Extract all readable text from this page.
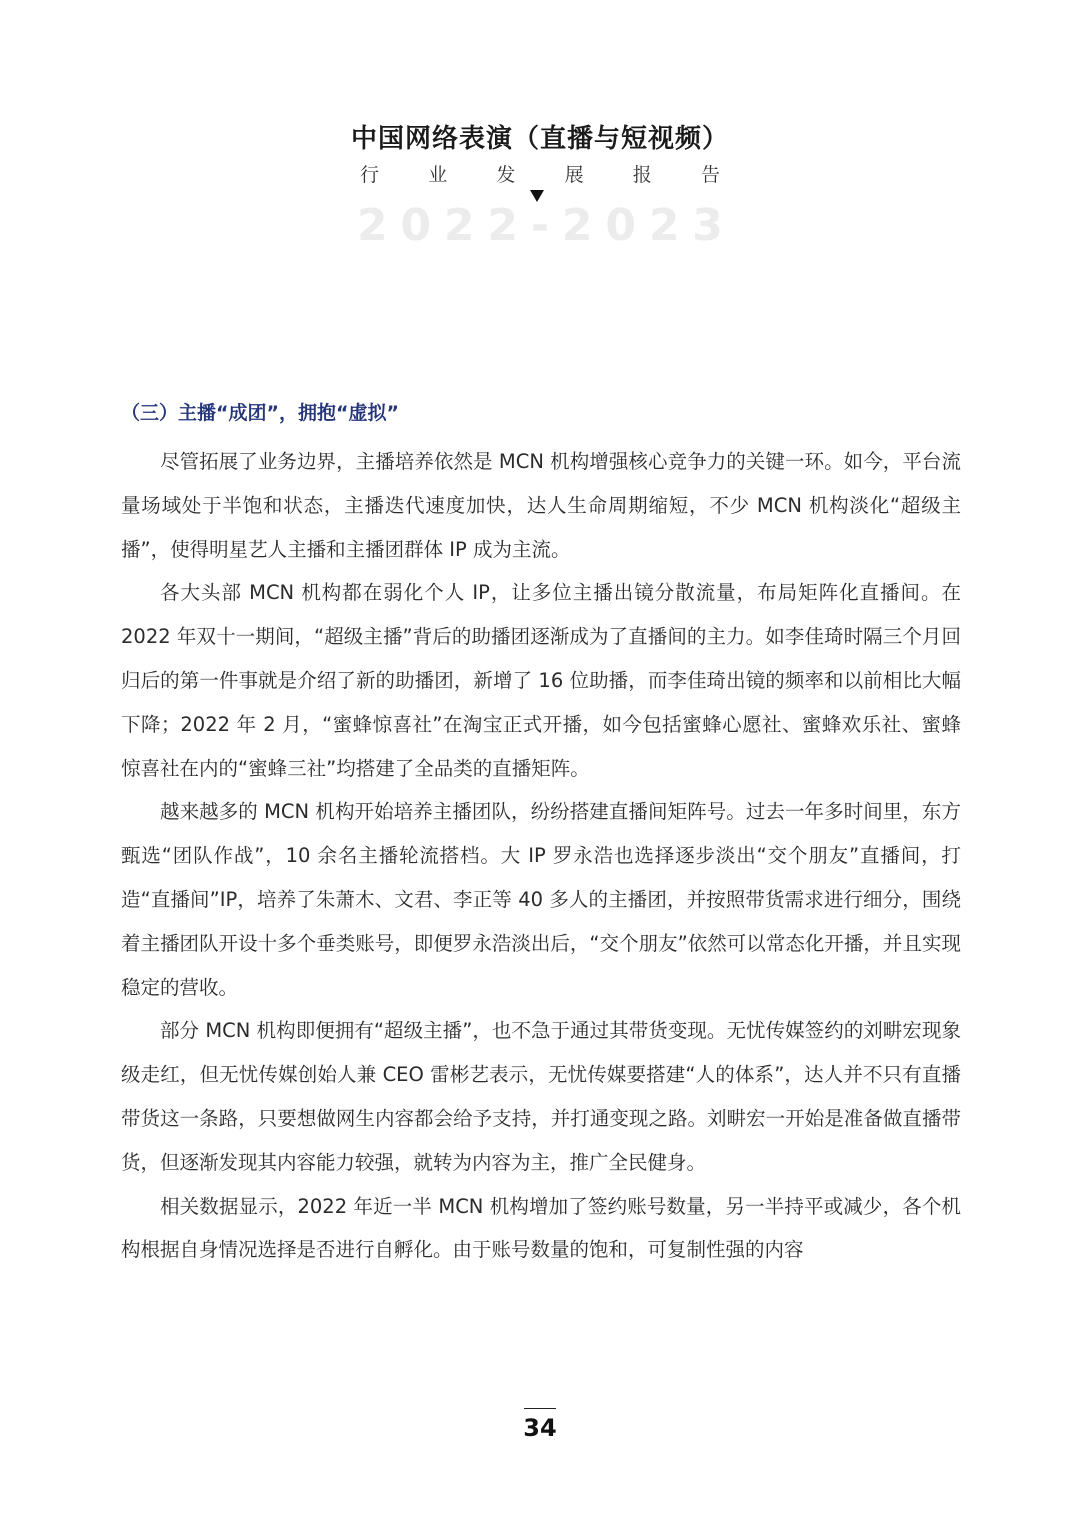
中国网络表演（直播与短视频）
行	业	发	展	报	告
2 0 2 2 - 2 0 2 3
（三）主播“成团”，拥抱“虚拟”

尽管拓展了业务边界，主播培养依然是 MCN 机构增强核心竞争力的关键一环。如今，平台流量场域处于半饱和状态，主播迭代速度加快，达人生命周期缩短，不少 MCN 机构淡化“超级主播”，使得明星艺人主播和主播团群体 IP 成为主流。

各大头部 MCN 机构都在弱化个人 IP，让多位主播出镜分散流量，布局矩阵化直播间。在 2022 年双十一期间，“超级主播”背后的助播团逐渐成为了直播间的主力。如李佳琦时隔三个月回归后的第一件事就是介绍了新的助播团，新增了 16 位助播，而李佳琦出镜的频率和以前相比大幅下降；2022 年 2 月，“蜜蜂惊喜社”在淘宝正式开播，如今包括蜜蜂心愿社、蜜蜂欢乐社、蜜蜂惊喜社在内的“蜜蜂三社”均搭建了全品类的直播矩阵。

越来越多的 MCN 机构开始培养主播团队，纷纷搭建直播间矩阵号。过去一年多时间里，东方甄选“团队作战”，10 余名主播轮流搭档。大 IP 罗永浩也选择逐步淡出“交个朋友”直播间，打造“直播间”IP，培养了朱萧木、文君、李正等 40 多人的主播团，并按照带货需求进行细分，围绕着主播团队开设十多个垂类账号，即便罗永浩淡出后，“交个朋友”依然可以常态化开播，并且实现稳定的营收。

部分 MCN 机构即便拥有“超级主播”，也不急于通过其带货变现。无忧传媒签约的刘畊宏现象级走红，但无忧传媒创始人兼 CEO 雷彬艺表示，无忧传媒要搭建“人的体系”，达人并不只有直播带货这一条路，只要想做网生内容都会给予支持，并打通变现之路。刘畊宏一开始是准备做直播带货，但逐渐发现其内容能力较强，就转为内容为主，推广全民健身。

相关数据显示，2022 年近一半 MCN 机构增加了签约账号数量，另一半持平或减少，各个机构根据自身情况选择是否进行自孵化。由于账号数量的饱和，可复制性强的内容

34
